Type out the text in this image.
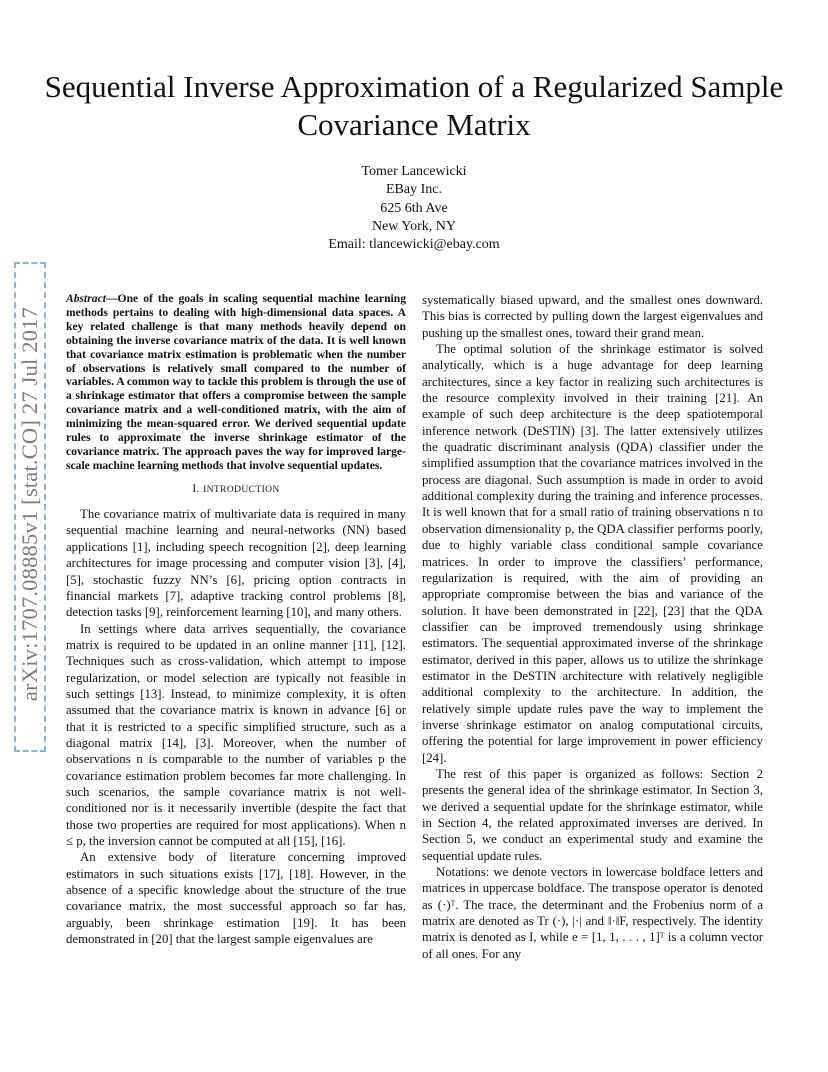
Sequential Inverse Approximation of a Regularized Sample Covariance Matrix
Tomer Lancewicki
EBay Inc.
625 6th Ave
New York, NY
Email: tlancewicki@ebay.com
arXiv:1707.08885v1 [stat.CO] 27 Jul 2017
Abstract—One of the goals in scaling sequential machine learning methods pertains to dealing with high-dimensional data spaces. A key related challenge is that many methods heavily depend on obtaining the inverse covariance matrix of the data. It is well known that covariance matrix estimation is problematic when the number of observations is relatively small compared to the number of variables. A common way to tackle this problem is through the use of a shrinkage estimator that offers a compromise between the sample covariance matrix and a well-conditioned matrix, with the aim of minimizing the mean-squared error. We derived sequential update rules to approximate the inverse shrinkage estimator of the covariance matrix. The approach paves the way for improved large-scale machine learning methods that involve sequential updates.
I. INTRODUCTION

The covariance matrix of multivariate data is required in many sequential machine learning and neural-networks (NN) based applications [1], including speech recognition [2], deep learning architectures for image processing and computer vision [3], [4], [5], stochastic fuzzy NN’s [6], pricing option contracts in financial markets [7], adaptive tracking control problems [8], detection tasks [9], reinforcement learning [10], and many others.

In settings where data arrives sequentially, the covariance matrix is required to be updated in an online manner [11], [12]. Techniques such as cross-validation, which attempt to impose regularization, or model selection are typically not feasible in such settings [13]. Instead, to minimize complexity, it is often assumed that the covariance matrix is known in advance [6] or that it is restricted to a specific simplified structure, such as a diagonal matrix [14], [3]. Moreover, when the number of observations n is comparable to the number of variables p the covariance estimation problem becomes far more challenging. In such scenarios, the sample covariance matrix is not well-conditioned nor is it necessarily invertible (despite the fact that those two properties are required for most applications). When n ≤ p, the inversion cannot be computed at all [15], [16].

An extensive body of literature concerning improved estimators in such situations exists [17], [18]. However, in the absence of a specific knowledge about the structure of the true covariance matrix, the most successful approach so far has, arguably, been shrinkage estimation [19]. It has been demonstrated in [20] that the largest sample eigenvalues are

systematically biased upward, and the smallest ones downward. This bias is corrected by pulling down the largest eigenvalues and pushing up the smallest ones, toward their grand mean.

The optimal solution of the shrinkage estimator is solved analytically, which is a huge advantage for deep learning architectures, since a key factor in realizing such architectures is the resource complexity involved in their training [21]. An example of such deep architecture is the deep spatiotemporal inference network (DeSTIN) [3]. The latter extensively utilizes the quadratic discriminant analysis (QDA) classifier under the simplified assumption that the covariance matrices involved in the process are diagonal. Such assumption is made in order to avoid additional complexity during the training and inference processes. It is well known that for a small ratio of training observations n to observation dimensionality p, the QDA classifier performs poorly, due to highly variable class conditional sample covariance matrices. In order to improve the classifiers’ performance, regularization is required, with the aim of providing an appropriate compromise between the bias and variance of the solution. It have been demonstrated in [22], [23] that the QDA classifier can be improved tremendously using shrinkage estimators. The sequential approximated inverse of the shrinkage estimator, derived in this paper, allows us to utilize the shrinkage estimator in the DeSTIN architecture with relatively negligible additional complexity to the architecture. In addition, the relatively simple update rules pave the way to implement the inverse shrinkage estimator on analog computational circuits, offering the potential for large improvement in power efficiency [24].

The rest of this paper is organized as follows: Section 2 presents the general idea of the shrinkage estimator. In Section 3, we derived a sequential update for the shrinkage estimator, while in Section 4, the related approximated inverses are derived. In Section 5, we conduct an experimental study and examine the sequential update rules.

Notations: we denote vectors in lowercase boldface letters and matrices in uppercase boldface. The transpose operator is denoted as (·)ᵀ. The trace, the determinant and the Frobenius norm of a matrix are denoted as Tr (·), |·| and ‖·‖F, respectively. The identity matrix is denoted as I, while e = [1, 1, . . . , 1]ᵀ is a column vector of all ones. For any
